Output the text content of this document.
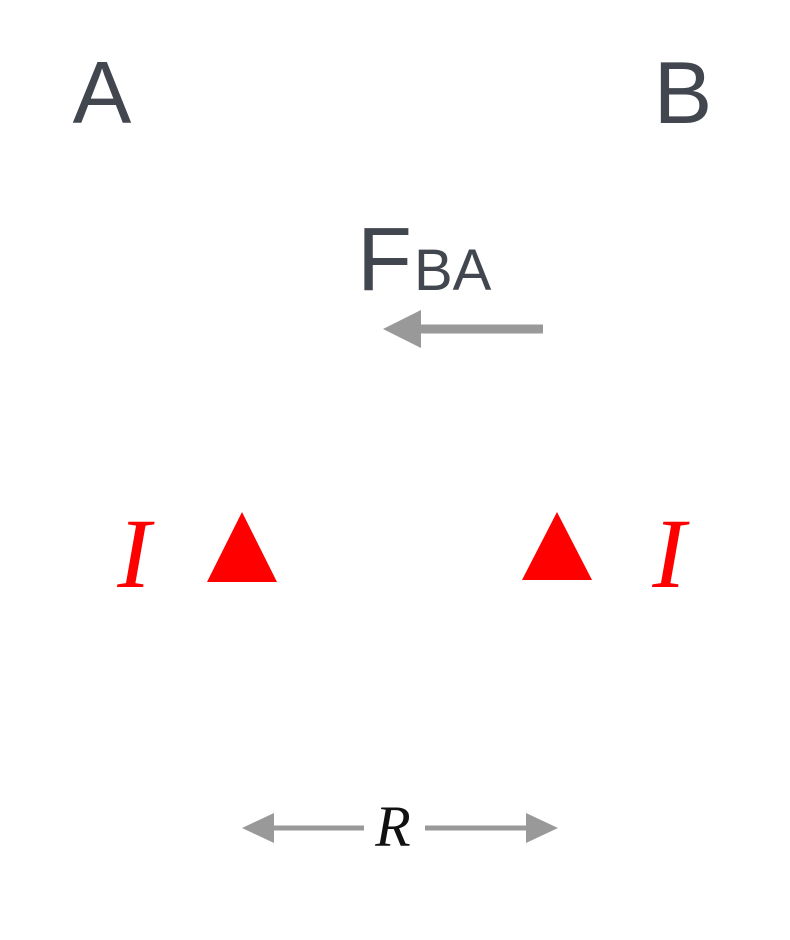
A	B
FBA
I	I
R
